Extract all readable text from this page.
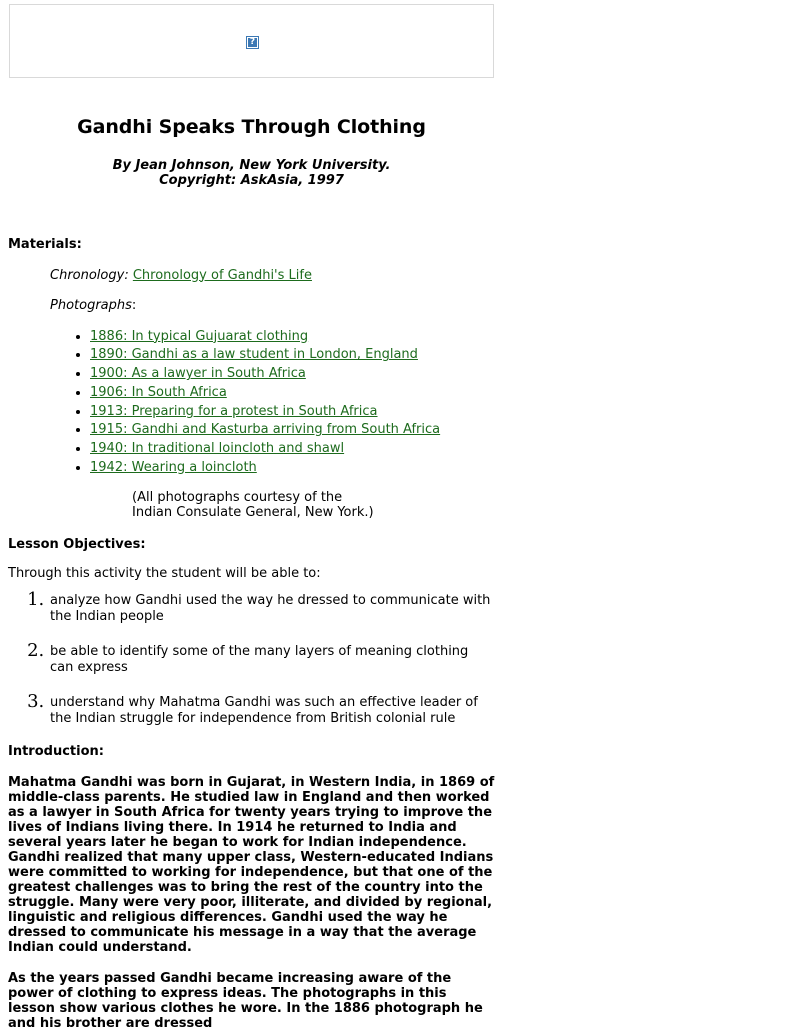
?
Gandhi Speaks Through Clothing
By Jean Johnson, New York University.
Copyright: AskAsia, 1997
Materials:
Chronology: Chronology of Gandhi's Life
Photographs:
• 1886: In typical Gujuarat clothing
• 1890: Gandhi as a law student in London, England
• 1900: As a lawyer in South Africa
• 1906: In South Africa
• 1913: Preparing for a protest in South Africa
• 1915: Gandhi and Kasturba arriving from South Africa
• 1940: In traditional loincloth and shawl
• 1942: Wearing a loincloth
(All photographs courtesy of the Indian Consulate General, New York.)
Lesson Objectives:
Through this activity the student will be able to:
1. analyze how Gandhi used the way he dressed to communicate with the Indian people
2. be able to identify some of the many layers of meaning clothing can express
3. understand why Mahatma Gandhi was such an effective leader of the Indian struggle for independence from British colonial rule
Introduction:

Mahatma Gandhi was born in Gujarat, in Western India, in 1869 of middle-class parents. He studied law in England and then worked as a lawyer in South Africa for twenty years trying to improve the lives of Indians living there. In 1914 he returned to India and several years later he began to work for Indian independence. Gandhi realized that many upper class, Western-educated Indians were committed to working for independence, but that one of the greatest challenges was to bring the rest of the country into the struggle. Many were very poor, illiterate, and divided by regional, linguistic and religious differences. Gandhi used the way he dressed to communicate his message in a way that the average Indian could understand.

As the years passed Gandhi became increasing aware of the power of clothing to express ideas. The photographs in this lesson show various clothes he wore. In the 1886 photograph he and his brother are dressed
